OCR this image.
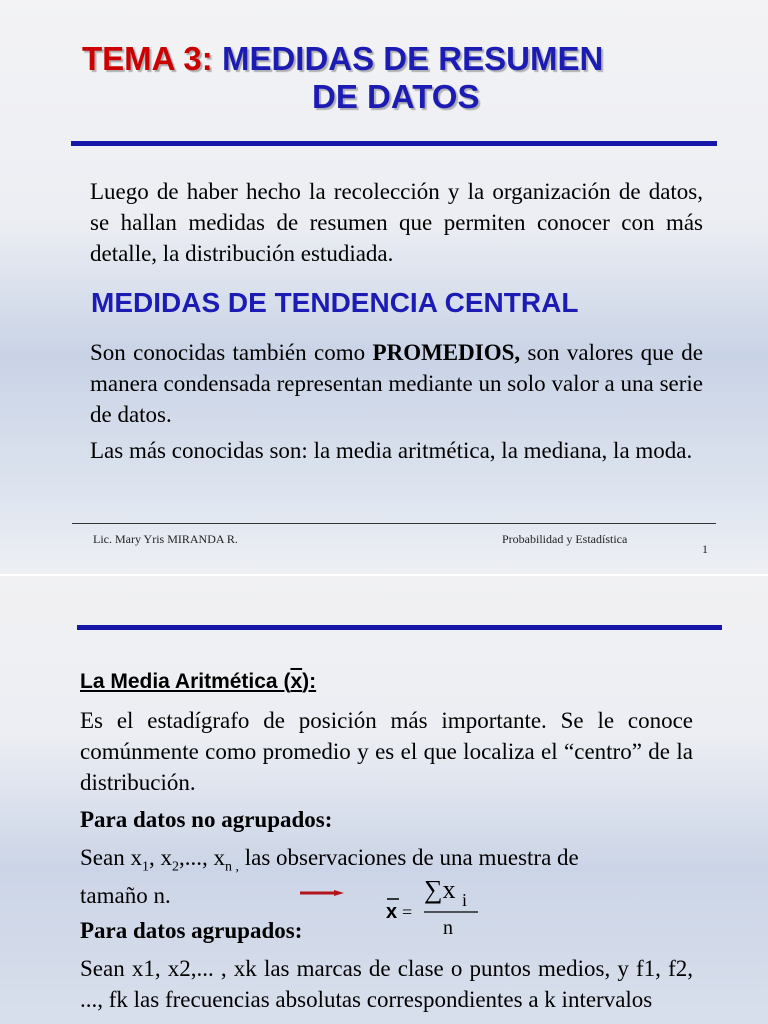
TEMA 3: MEDIDAS DE RESUMEN
DE DATOS
Luego de haber hecho la recolección y la organización de datos, se hallan medidas de resumen que permiten conocer con más detalle, la distribución estudiada.
MEDIDAS DE TENDENCIA CENTRAL
Son conocidas también como PROMEDIOS, son valores que de manera condensada representan mediante un solo valor a una serie de datos.
Las más conocidas son: la media aritmética, la mediana, la moda.
Lic. Mary Yris MIRANDA R.	Probabilidad y Estadística
1
La Media Aritmética (x):
Es el estadígrafo de posición más importante. Se le conoce comúnmente como promedio y es el que localiza el “centro” de la distribución.
Para datos no agrupados:
Sean $x_1$, $x_2$,..., $x_{n ,}$ las observaciones de una muestra de
tamaño n.
x =
∑x i
n
Para datos agrupados:
Sean x1, x2,... , xk las marcas de clase o puntos medios, y f1, f2, ..., fk las frecuencias absolutas correspondientes a k intervalos
